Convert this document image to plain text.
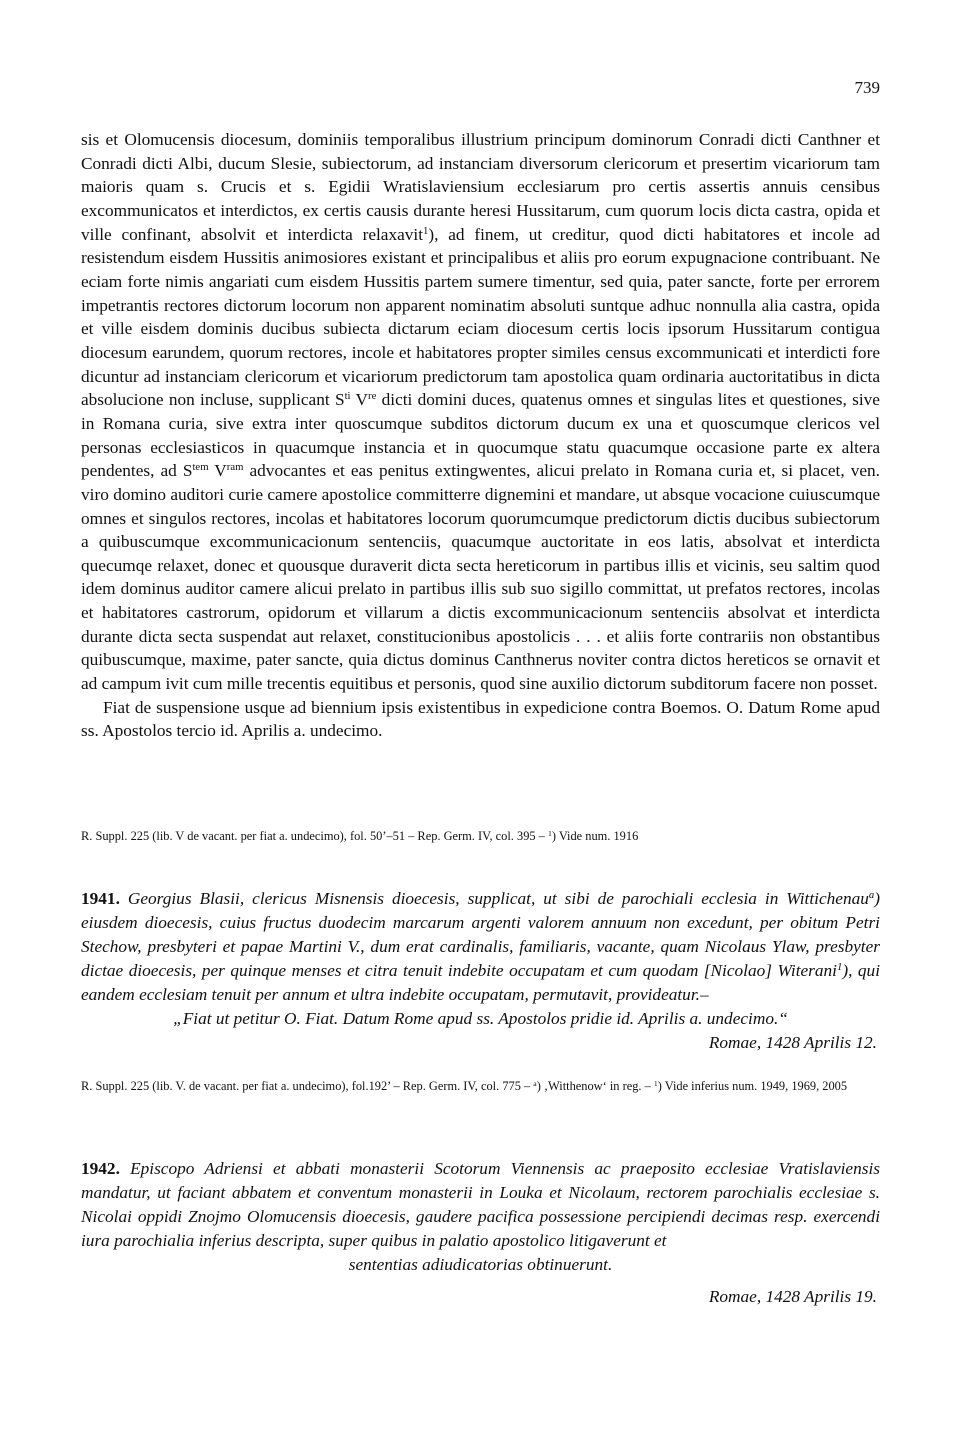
739

sis et Olomucensis diocesum, dominiis temporalibus illustrium principum dominorum Conradi dicti Canthner et Conradi dicti Albi, ducum Slesie, subiectorum, ad instanciam diversorum clericorum et presertim vicariorum tam maioris quam s. Crucis et s. Egidii Wratislaviensium ecclesiarum pro certis assertis annuis censibus excommunicatos et interdictos, ex certis causis durante heresi Hussitarum, cum quorum locis dicta castra, opida et ville confinant, absolvit et interdicta relaxavit$^1$), ad finem, ut creditur, quod dicti habitatores et incole ad resistendum eisdem Hussitis animosiores existant et principalibus et aliis pro eorum expugnacione contribuant. Ne eciam forte nimis angariati cum eisdem Hussitis partem sumere timentur, sed quia, pater sancte, forte per errorem impetrantis rectores dictorum locorum non apparent nominatim absoluti suntque adhuc nonnulla alia castra, opida et ville eisdem dominis ducibus subiecta dictarum eciam diocesum certis locis ipsorum Hussitarum contigua diocesum earundem, quorum rectores, incole et habitatores propter similes census excommunicati et interdicti fore dicuntur ad instanciam clericorum et vicariorum predictorum tam apostolica quam ordinaria auctoritatibus in dicta absolucione non incluse, supplicant $S^{ti}$ Vre dicti domini duces, quatenus omnes et singulas lites et questiones, sive in Romana curia, sive extra inter quoscumque subditos dictorum ducum ex una et quoscumque clericos vel personas ecclesiasticos in quacumque instancia et in quocumque statu quacumque occasione parte ex altera pendentes, ad $S^{tem}$ $V^{ram}$ advocantes et eas penitus extingwentes, alicui prelato in Romana curia et, si placet, ven. viro domino auditori curie camere apostolice committerre dignemini et mandare, ut absque vocacione cuiuscumque omnes et singulos rectores, incolas et habitatores locorum quorumcumque predictorum dictis ducibus subiectorum a quibuscumque excommunicacionum sentenciis, quacumque auctoritate in eos latis, absolvat et interdicta quecumqe relaxet, donec et quousque duraverit dicta secta hereticorum in partibus illis et vicinis, seu saltim quod idem dominus auditor camere alicui prelato in partibus illis sub suo sigillo committat, ut prefatos rectores, incolas et habitatores castrorum, opidorum et villarum a dictis excommunicacionum sentenciis absolvat et interdicta durante dicta secta suspendat aut relaxet, constitucionibus apostolicis . . . et aliis forte contrariis non obstantibus quibuscumque, maxime, pater sancte, quia dictus dominus Canthnerus noviter contra dictos hereticos se ornavit et ad campum ivit cum mille trecentis equitibus et personis, quod sine auxilio dictorum subditorum facere non posset.

Fiat de suspensione usque ad biennium ipsis existentibus in expedicione contra Boemos. O. Datum Rome apud ss. Apostolos tercio id. Aprilis a. undecimo.

R. Suppl. 225 (lib. V de vacant. per fiat a. undecimo), fol. 50’–51 – Rep. Germ. IV, col. 395 – $^1$) Vide num. 1916
1941. Georgius Blasii, clericus Misnensis dioecesis, supplicat, ut sibi de parochiali ecclesia in Wittichenau$^a$) eiusdem dioecesis, cuius fructus duodecim marcarum argenti valorem annuum non excedunt, per obitum Petri Stechow, presbyteri et papae Martini V., dum erat cardinalis, familiaris, vacante, quam Nicolaus Ylaw, presbyter dictae dioecesis, per quinque menses et citra tenuit indebite occupatam et cum quodam [Nicolao] Witerani$^1$), qui eandem ecclesiam tenuit per annum et ultra indebite occupatam, permutavit, provideatur.–
„Fiat ut petitur O. Fiat. Datum Rome apud ss. Apostolos pridie id. Aprilis a. undecimo.“
Romae, 1428 Aprilis 12.
R. Suppl. 225 (lib. V. de vacant. per fiat a. undecimo), fol.192’ – Rep. Germ. IV, col. 775 – $^a$) ‚Witthenow‘ in reg. – $^1$) Vide inferius num. 1949, 1969, 2005
1942. Episcopo Adriensi et abbati monasterii Scotorum Viennensis ac praeposito ecclesiae Vratislaviensis mandatur, ut faciant abbatem et conventum monasterii in Louka et Nicolaum, rectorem parochialis ecclesiae s. Nicolai oppidi Znojmo Olomucensis dioecesis, gaudere pacifica possessione percipiendi decimas resp. exercendi iura parochialia inferius descripta, super quibus in palatio apostolico litigaverunt et
sententias adiudicatorias obtinuerunt.
Romae, 1428 Aprilis 19.
